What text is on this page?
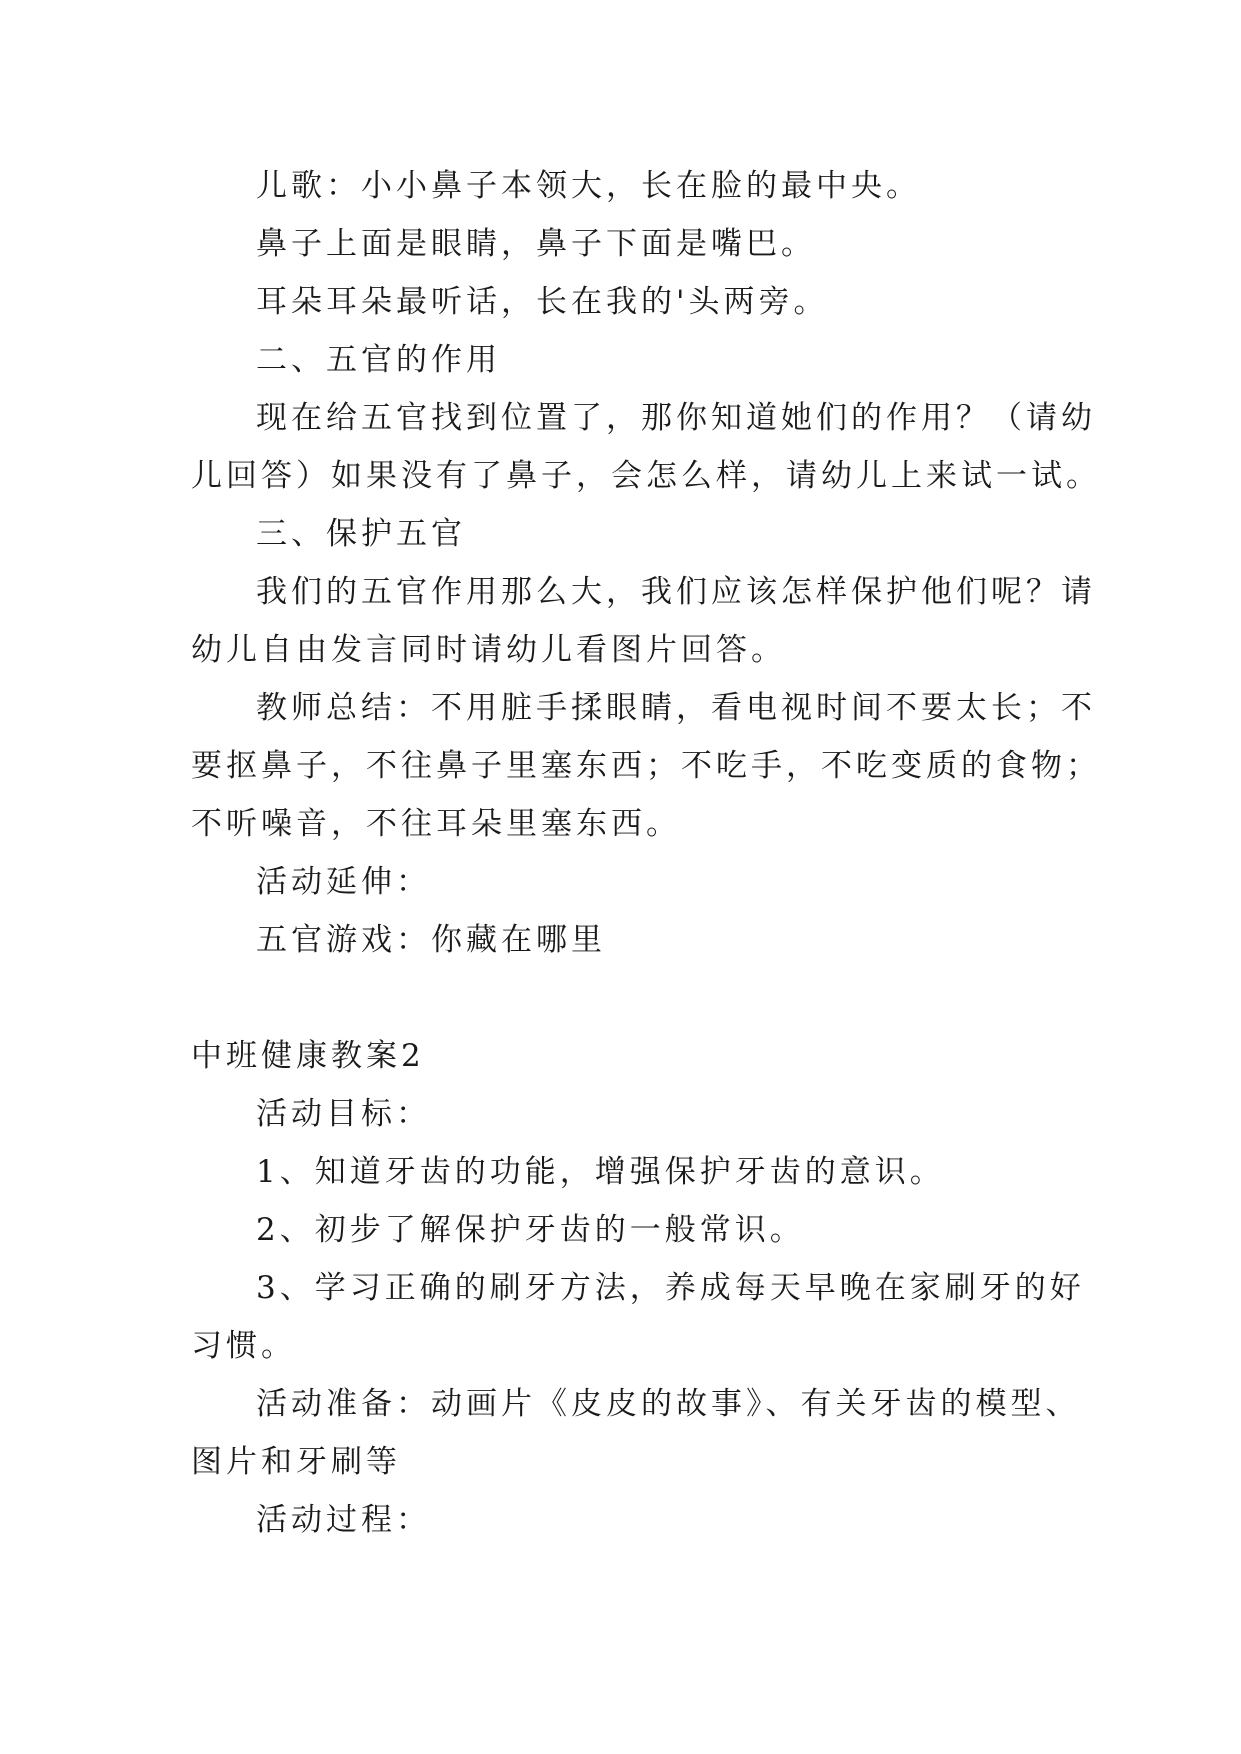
儿歌：小小鼻子本领大，长在脸的最中央。
鼻子上面是眼睛，鼻子下面是嘴巴。
耳朵耳朵最听话，长在我的'头两旁。
二、五官的作用
现在给五官找到位置了，那你知道她们的作用？（请幼
儿回答）如果没有了鼻子，会怎么样，请幼儿上来试一试。
三、保护五官
我们的五官作用那么大，我们应该怎样保护他们呢？请
幼儿自由发言同时请幼儿看图片回答。
教师总结：不用脏手揉眼睛，看电视时间不要太长；不
要抠鼻子，不往鼻子里塞东西；不吃手，不吃变质的食物；
不听噪音，不往耳朵里塞东西。
活动延伸：
五官游戏：你藏在哪里
中班健康教案2
活动目标：
1、知道牙齿的功能，增强保护牙齿的意识。
2、初步了解保护牙齿的一般常识。
3、学习正确的刷牙方法，养成每天早晚在家刷牙的好
习惯。
活动准备：动画片《皮皮的故事》、有关牙齿的模型、
图片和牙刷等
活动过程：
